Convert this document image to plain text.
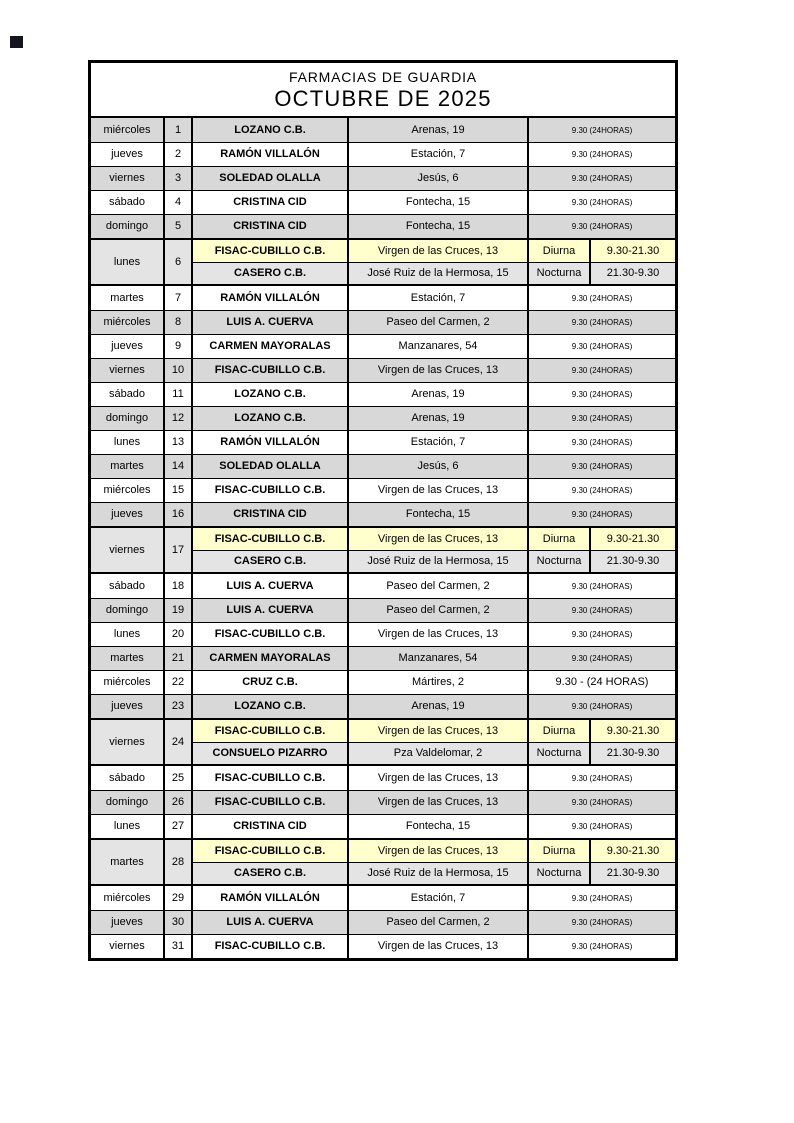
FARMACIAS DE GUARDIA
OCTUBRE DE 2025
miércoles	1	LOZANO C.B.	Arenas, 19	9.30 (24HORAS)
jueves	2	RAMÓN VILLALÓN	Estación, 7	9.30 (24HORAS)
viernes	3	SOLEDAD OLALLA	Jesús, 6	9.30 (24HORAS)
sábado	4	CRISTINA CID	Fontecha, 15	9.30 (24HORAS)
domingo	5	CRISTINA CID	Fontecha, 15	9.30 (24HORAS)
lunes	6
FISAC-CUBILLO C.B.	Virgen de las Cruces, 13	Diurna	9.30-21.30
CASERO C.B.	José Ruiz de la Hermosa, 15	Nocturna	21.30-9.30
martes	7	RAMÓN VILLALÓN	Estación, 7	9.30 (24HORAS)
miércoles	8	LUIS A. CUERVA	Paseo del Carmen, 2	9.30 (24HORAS)
jueves	9	CARMEN MAYORALAS	Manzanares, 54	9.30 (24HORAS)
viernes	10	FISAC-CUBILLO C.B.	Virgen de las Cruces, 13	9.30 (24HORAS)
sábado	11	LOZANO C.B.	Arenas, 19	9.30 (24HORAS)
domingo	12	LOZANO C.B.	Arenas, 19	9.30 (24HORAS)
lunes	13	RAMÓN VILLALÓN	Estación, 7	9.30 (24HORAS)
martes	14	SOLEDAD OLALLA	Jesús, 6	9.30 (24HORAS)
miércoles	15	FISAC-CUBILLO C.B.	Virgen de las Cruces, 13	9.30 (24HORAS)
jueves	16	CRISTINA CID	Fontecha, 15	9.30 (24HORAS)
viernes	17
FISAC-CUBILLO C.B.	Virgen de las Cruces, 13	Diurna	9.30-21.30
CASERO C.B.	José Ruiz de la Hermosa, 15	Nocturna	21.30-9.30
sábado	18	LUIS A. CUERVA	Paseo del Carmen, 2	9.30 (24HORAS)
domingo	19	LUIS A. CUERVA	Paseo del Carmen, 2	9.30 (24HORAS)
lunes	20	FISAC-CUBILLO C.B.	Virgen de las Cruces, 13	9.30 (24HORAS)
martes	21	CARMEN MAYORALAS	Manzanares, 54	9.30 (24HORAS)
miércoles	22	CRUZ C.B.	Mártires, 2	9.30 - (24 HORAS)
jueves	23	LOZANO C.B.	Arenas, 19	9.30 (24HORAS)
viernes	24
FISAC-CUBILLO C.B.	Virgen de las Cruces, 13	Diurna	9.30-21.30
CONSUELO PIZARRO	Pza Valdelomar, 2	Nocturna	21.30-9.30
sábado	25	FISAC-CUBILLO C.B.	Virgen de las Cruces, 13	9.30 (24HORAS)
domingo	26	FISAC-CUBILLO C.B.	Virgen de las Cruces, 13	9.30 (24HORAS)
lunes	27	CRISTINA CID	Fontecha, 15	9.30 (24HORAS)
martes	28
FISAC-CUBILLO C.B.	Virgen de las Cruces, 13	Diurna	9.30-21.30
CASERO C.B.	José Ruiz de la Hermosa, 15	Nocturna	21.30-9.30
miércoles	29	RAMÓN VILLALÓN	Estación, 7	9.30 (24HORAS)
jueves	30	LUIS A. CUERVA	Paseo del Carmen, 2	9.30 (24HORAS)
viernes	31	FISAC-CUBILLO C.B.	Virgen de las Cruces, 13	9.30 (24HORAS)
